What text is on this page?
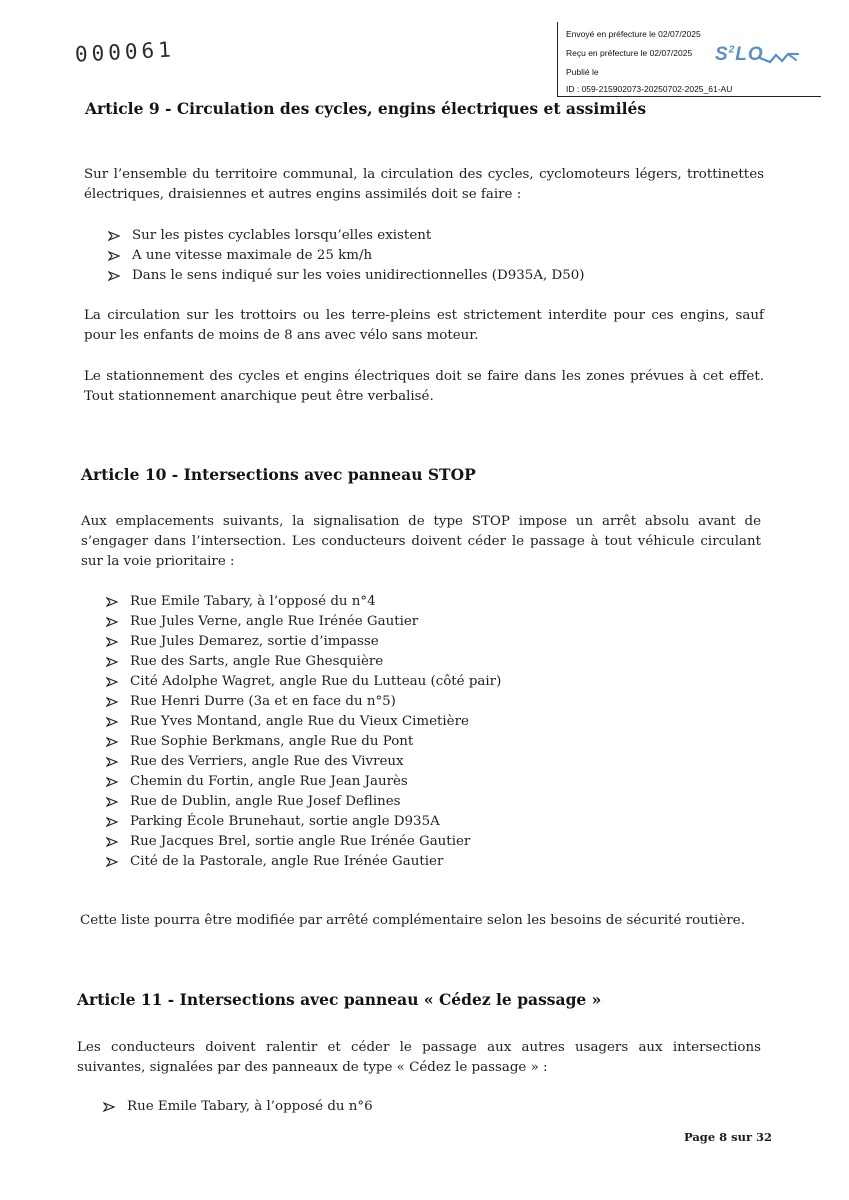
000061
Envoyé en préfecture le 02/07/2025
Reçu en préfecture le 02/07/2025
Publié le
ID : 059-215902073-20250702-2025_61-AU
$S^2LO$
Article 9 - Circulation des cycles, engins électriques et assimilés
Sur l’ensemble du territoire communal, la circulation des cycles, cyclomoteurs légers, trottinettes électriques, draisiennes et autres engins assimilés doit se faire :
Sur les pistes cyclables lorsqu’elles existent
A une vitesse maximale de 25 km/h
Dans le sens indiqué sur les voies unidirectionnelles (D935A, D50)
La circulation sur les trottoirs ou les terre-pleins est strictement interdite pour ces engins, sauf pour les enfants de moins de 8 ans avec vélo sans moteur.
Le stationnement des cycles et engins électriques doit se faire dans les zones prévues à cet effet. Tout stationnement anarchique peut être verbalisé.
Article 10 - Intersections avec panneau STOP
Aux emplacements suivants, la signalisation de type STOP impose un arrêt absolu avant de s’engager dans l’intersection. Les conducteurs doivent céder le passage à tout véhicule circulant sur la voie prioritaire :
Rue Emile Tabary, à l’opposé du n°4
Rue Jules Verne, angle Rue Irénée Gautier
Rue Jules Demarez, sortie d’impasse
Rue des Sarts, angle Rue Ghesquière
Cité Adolphe Wagret, angle Rue du Lutteau (côté pair)
Rue Henri Durre (3a et en face du n°5)
Rue Yves Montand, angle Rue du Vieux Cimetière
Rue Sophie Berkmans, angle Rue du Pont
Rue des Verriers, angle Rue des Vivreux
Chemin du Fortin, angle Rue Jean Jaurès
Rue de Dublin, angle Rue Josef Deflines
Parking École Brunehaut, sortie angle D935A
Rue Jacques Brel, sortie angle Rue Irénée Gautier
Cité de la Pastorale, angle Rue Irénée Gautier
Cette liste pourra être modifiée par arrêté complémentaire selon les besoins de sécurité routière.
Article 11 - Intersections avec panneau « Cédez le passage »
Les conducteurs doivent ralentir et céder le passage aux autres usagers aux intersections suivantes, signalées par des panneaux de type « Cédez le passage » :
Rue Emile Tabary, à l’opposé du n°6
Page 8 sur 32
